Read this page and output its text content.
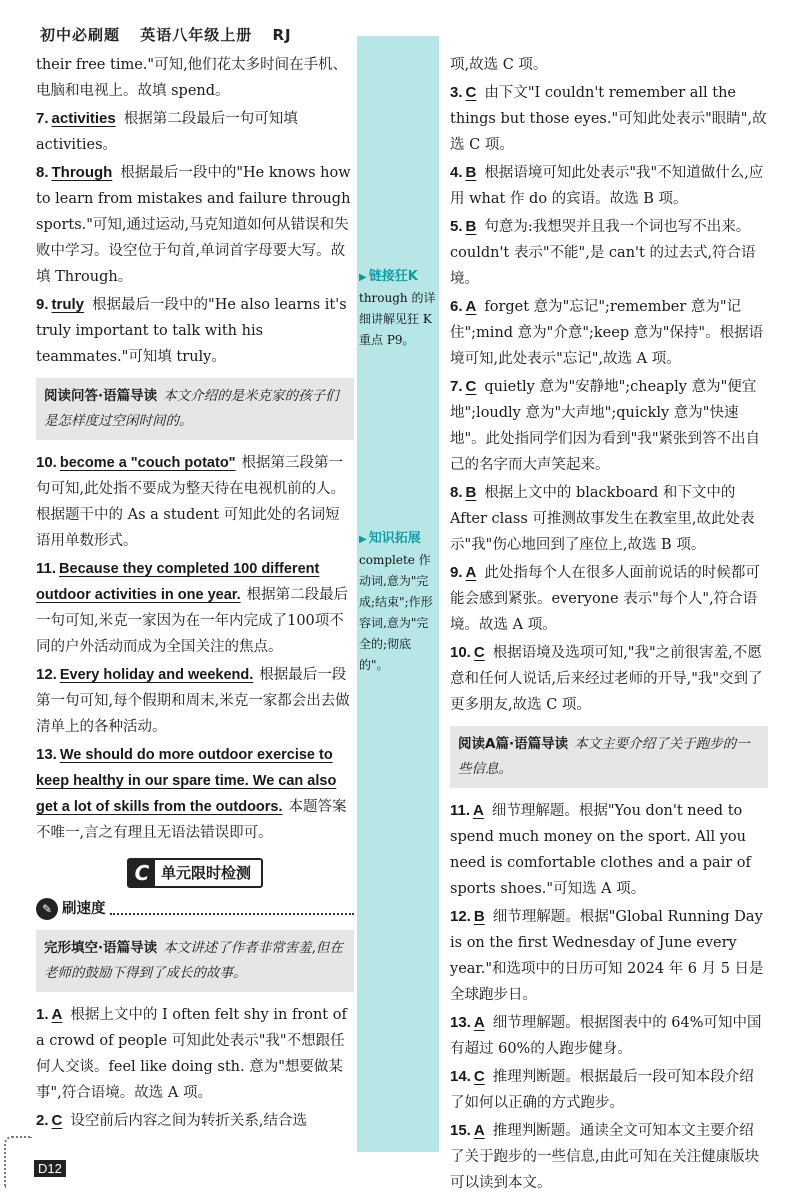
初中必刷题 英语八年级上册 RJ
▶ 链接狂K
through 的详细讲解见狂 K 重点 P9。
▶ 知识拓展
complete 作动词,意为"完成;结束";作形容词,意为"完全的;彻底的"。
their free time."可知,他们花太多时间在手机、电脑和电视上。故填 spend。
7. activities 根据第二段最后一句可知填 activities。
8. Through 根据最后一段中的"He knows how to learn from mistakes and failure through sports."可知,通过运动,马克知道如何从错误和失败中学习。设空位于句首,单词首字母要大写。故填 Through。
9. truly 根据最后一段中的"He also learns it's truly important to talk with his teammates."可知填 truly。
阅读问答·语篇导读 本文介绍的是米克家的孩子们是怎样度过空闲时间的。
10. become a "couch potato" 根据第三段第一句可知,此处指不要成为整天待在电视机前的人。根据题干中的 As a student 可知此处的名词短语用单数形式。
11. Because they completed 100 different outdoor activities in one year. 根据第二段最后一句可知,米克一家因为在一年内完成了100项不同的户外活动而成为全国关注的焦点。
12. Every holiday and weekend. 根据最后一段第一句可知,每个假期和周末,米克一家都会出去做清单上的各种活动。
13. We should do more outdoor exercise to keep healthy in our spare time. We can also get a lot of skills from the outdoors. 本题答案不唯一,言之有理且无语法错误即可。
C 单元限时检测
✎ 刷速度
完形填空·语篇导读 本文讲述了作者非常害羞,但在老师的鼓励下得到了成长的故事。
1. A 根据上文中的 I often felt shy in front of a crowd of people 可知此处表示"我"不想跟任何人交谈。feel like doing sth. 意为"想要做某事",符合语境。故选 A 项。
2. C 设空前后内容之间为转折关系,结合选
项,故选 C 项。
3. C 由下文"I couldn't remember all the things but those eyes."可知此处表示"眼睛",故选 C 项。
4. B 根据语境可知此处表示"我"不知道做什么,应用 what 作 do 的宾语。故选 B 项。
5. B 句意为:我想哭并且我一个词也写不出来。couldn't 表示"不能",是 can't 的过去式,符合语境。
6. A forget 意为"忘记";remember 意为"记住";mind 意为"介意";keep 意为"保持"。根据语境可知,此处表示"忘记",故选 A 项。
7. C quietly 意为"安静地";cheaply 意为"便宜地";loudly 意为"大声地";quickly 意为"快速地"。此处指同学们因为看到"我"紧张到答不出自己的名字而大声笑起来。
8. B 根据上文中的 blackboard 和下文中的 After class 可推测故事发生在教室里,故此处表示"我"伤心地回到了座位上,故选 B 项。
9. A 此处指每个人在很多人面前说话的时候都可能会感到紧张。everyone 表示"每个人",符合语境。故选 A 项。
10. C 根据语境及选项可知,"我"之前很害羞,不愿意和任何人说话,后来经过老师的开导,"我"交到了更多朋友,故选 C 项。
阅读A篇·语篇导读 本文主要介绍了关于跑步的一些信息。
11. A 细节理解题。根据"You don't need to spend much money on the sport. All you need is comfortable clothes and a pair of sports shoes."可知选 A 项。
12. B 细节理解题。根据"Global Running Day is on the first Wednesday of June every year."和选项中的日历可知 2024 年 6 月 5 日是全球跑步日。
13. A 细节理解题。根据图表中的 64%可知中国有超过 60%的人跑步健身。
14. C 推理判断题。根据最后一段可知本段介绍了如何以正确的方式跑步。
15. A 推理判断题。通读全文可知本文主要介绍了关于跑步的一些信息,由此可知在关注健康版块可以读到本文。
D12
